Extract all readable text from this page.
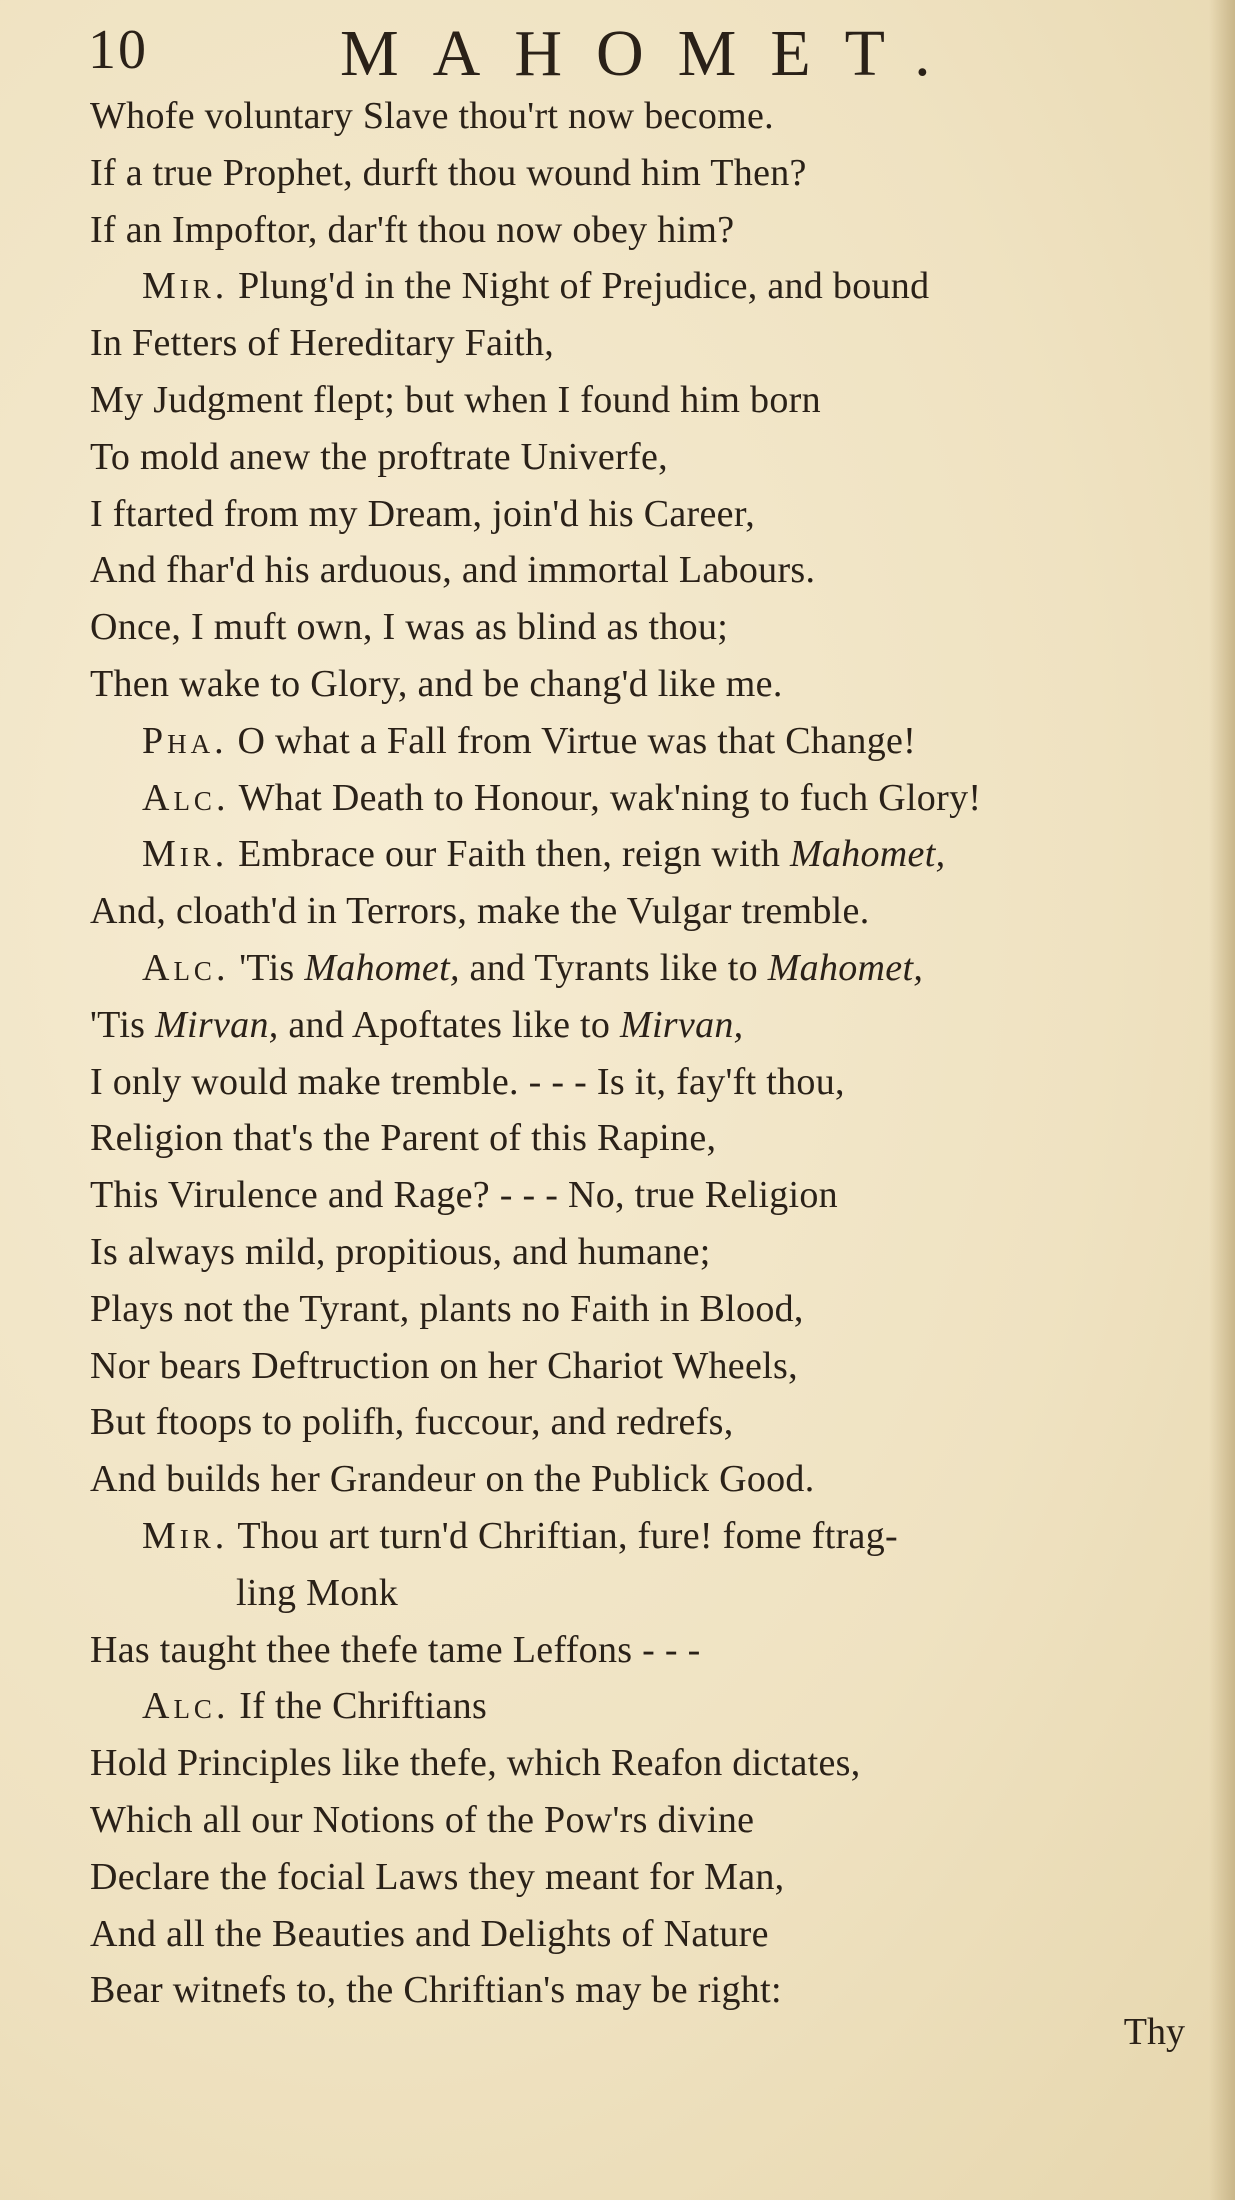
10	MAHOMET.
Whofe voluntary Slave thou'rt now become.
If a true Prophet, durft thou wound him Then?
If an Impoftor, dar'ft thou now obey him?
Mir. Plung'd in the Night of Prejudice, and bound
In Fetters of Hereditary Faith,
My Judgment flept; but when I found him born
To mold anew the proftrate Univerfe,
I ftarted from my Dream, join'd his Career,
And fhar'd his arduous, and immortal Labours.
Once, I muft own, I was as blind as thou;
Then wake to Glory, and be chang'd like me.
Pha. O what a Fall from Virtue was that Change!
Alc. What Death to Honour, wak'ning to fuch Glory!
Mir. Embrace our Faith then, reign with Mahomet,
And, cloath'd in Terrors, make the Vulgar tremble.
Alc. 'Tis Mahomet, and Tyrants like to Mahomet,
'Tis Mirvan, and Apoftates like to Mirvan,
I only would make tremble. - - - Is it, fay'ft thou,
Religion that's the Parent of this Rapine,
This Virulence and Rage? - - - No, true Religion
Is always mild, propitious, and humane;
Plays not the Tyrant, plants no Faith in Blood,
Nor bears Deftruction on her Chariot Wheels,
But ftoops to polifh, fuccour, and redrefs,
And builds her Grandeur on the Publick Good.
Mir. Thou art turn'd Chriftian, fure! fome ftrag-
ling Monk
Has taught thee thefe tame Leffons - - -
Alc. If the Chriftians
Hold Principles like thefe, which Reafon dictates,
Which all our Notions of the Pow'rs divine
Declare the focial Laws they meant for Man,
And all the Beauties and Delights of Nature
Bear witnefs to, the Chriftian's may be right:
Thy
